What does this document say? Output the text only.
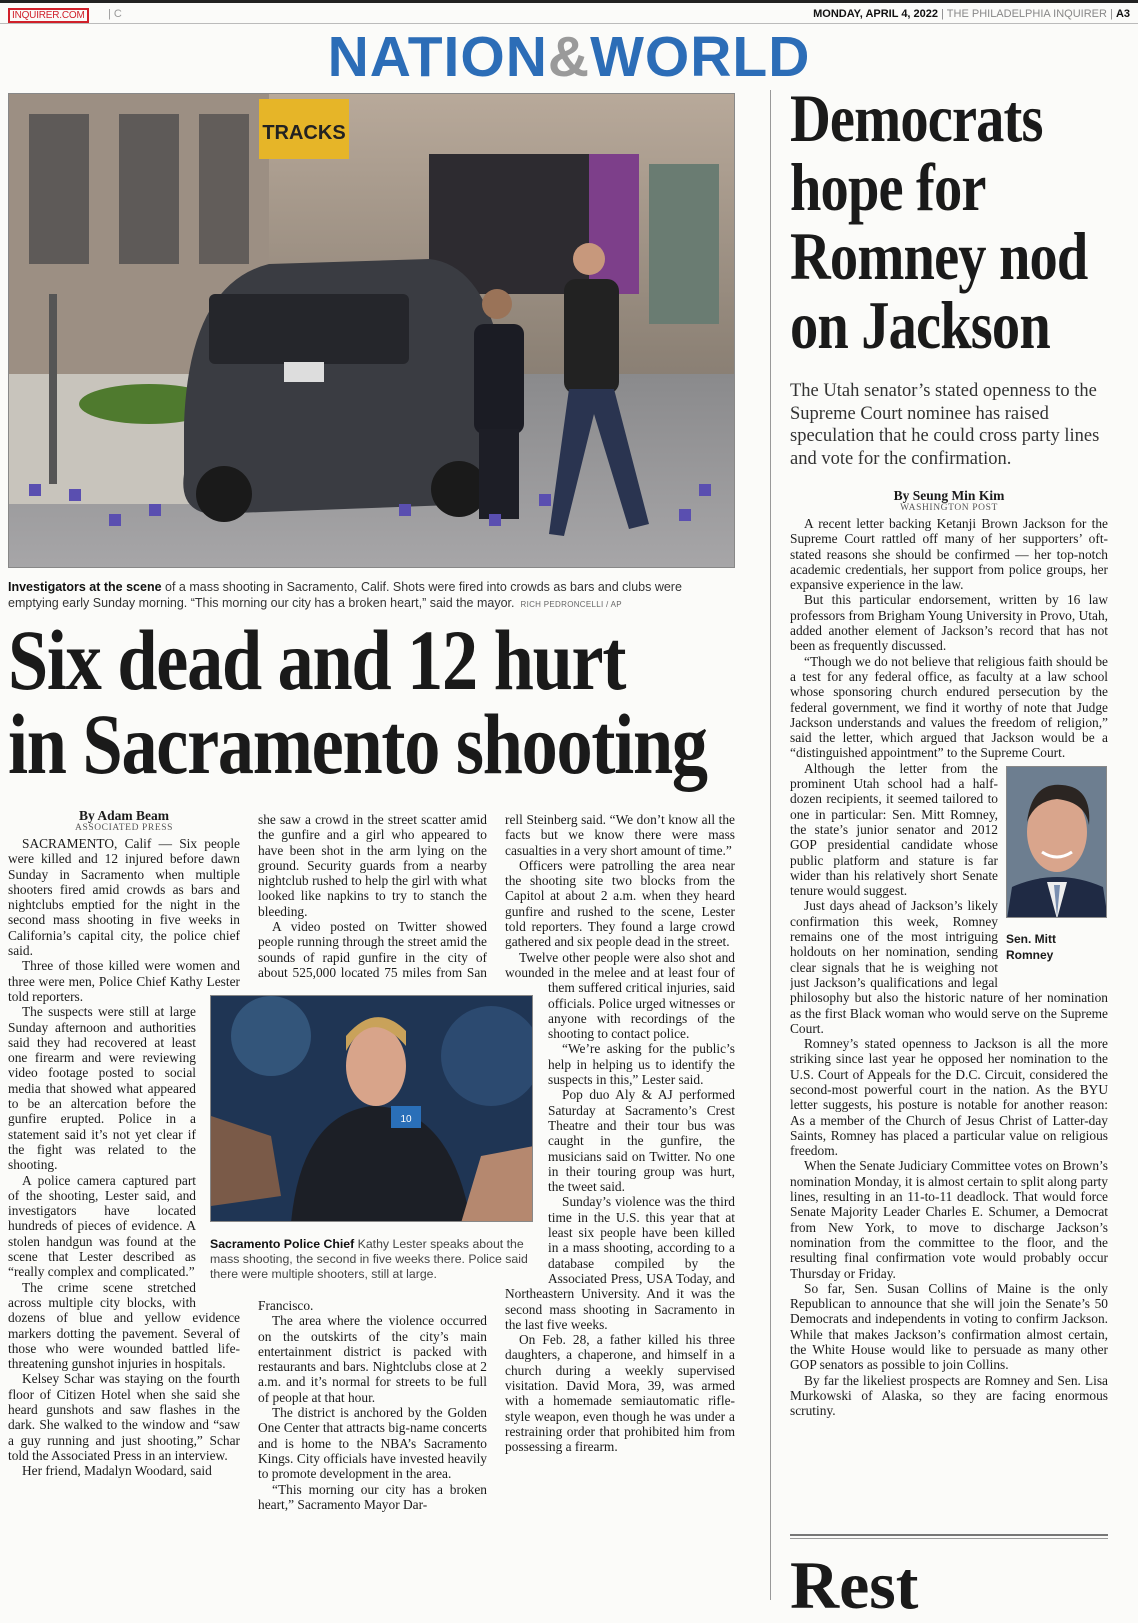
INQUIRER.COM	| C	MONDAY, APRIL 4, 2022 | THE PHILADELPHIA INQUIRER | A3
NATION&WORLD
TRACKS
Investigators at the scene of a mass shooting in Sacramento, Calif. Shots were fired into crowds as bars and clubs were emptying early Sunday morning. “This morning our city has a broken heart,” said the mayor. RICH PEDRONCELLI / AP
Six dead and 12 hurt
in Sacramento shooting
By Adam Beam
ASSOCIATED PRESS

SACRAMENTO, Calif — Six people were killed and 12 injured before dawn Sunday in Sacramento when multiple shooters fired amid crowds as bars and nightclubs emptied for the night in the second mass shooting in five weeks in California’s capital city, the police chief said.

Three of those killed were women and three were men, Police Chief Kathy Lester told reporters.

The suspects were still at large Sunday afternoon and authorities said they had recovered at least one firearm and were reviewing video footage posted to social media that showed what appeared to be an altercation before the gunfire erupted. Police in a statement said it’s not yet clear if the fight was related to the shooting.

A police camera captured part of the shooting, Lester said, and investigators have located hundreds of pieces of evidence. A stolen handgun was found at the scene that Lester described as “really complex and complicated.”

The crime scene stretched across multiple city blocks, with dozens of blue and yellow evidence markers dotting the pavement. Several of those who were wounded battled life-threatening gunshot injuries in hospitals.

Kelsey Schar was staying on the fourth floor of Citizen Hotel when she said she heard gunshots and saw flashes in the dark. She walked to the window and “saw a guy running and just shooting,” Schar told the Associated Press in an interview.

Her friend, Madalyn Woodard, said

she saw a crowd in the street scatter amid the gunfire and a girl who appeared to have been shot in the arm lying on the ground. Security guards from a nearby nightclub rushed to help the girl with what looked like napkins to try to stanch the bleeding.

A video posted on Twitter showed people running through the street amid the sounds of rapid gunfire in the city of about 525,000 located 75 miles from San Francisco.

The area where the violence occurred on the outskirts of the city’s main entertainment district is packed with restaurants and bars. Nightclubs close at 2 a.m. and it’s normal for streets to be full of people at that hour.

The district is anchored by the Golden One Center that attracts big-name concerts and is home to the NBA’s Sacramento Kings. City officials have invested heavily to promote development in the area.

“This morning our city has a broken heart,” Sacramento Mayor Dar-

rell Steinberg said. “We don’t know all the facts but we know there were mass casualties in a very short amount of time.”

Officers were patrolling the area near the shooting site two blocks from the Capitol at about 2 a.m. when they heard gunfire and rushed to the scene, Lester told reporters. They found a large crowd gathered and six people dead in the street.

Twelve other people were also shot and wounded in the melee and at least four of them suffered critical injuries, said officials. Police urged witnesses or anyone with recordings of the shooting to contact police.

“We’re asking for the public’s help in helping us to identify the suspects in this,” Lester said.

Pop duo Aly & AJ performed Saturday at Sacramento’s Crest Theatre and their tour bus was caught in the gunfire, the musicians said on Twitter. No one in their touring group was hurt, the tweet said.

Sunday’s violence was the third time in the U.S. this year that at least six people have been killed in a mass shooting, according to a database compiled by the Associated Press, USA Today, and Northeastern University. And it was the second mass shooting in Sacramento in the last five weeks.

On Feb. 28, a father killed his three daughters, a chaperone, and himself in a church during a weekly supervised visitation. David Mora, 39, was armed with a homemade semiautomatic rifle-style weapon, even though he was under a restraining order that prohibited him from possessing a firearm.

10
Sacramento Police Chief Kathy Lester speaks about the mass shooting, the second in five weeks there. Police said there were multiple shooters, still at large.
Democrats
hope for
Romney nod
on Jackson
The Utah senator’s stated openness to the Supreme Court nominee has raised speculation that he could cross party lines and vote for the confirmation.
By Seung Min Kim
WASHINGTON POST

A recent letter backing Ketanji Brown Jackson for the Supreme Court rattled off many of her supporters’ oft-stated reasons she should be confirmed — her top-notch academic credentials, her support from police groups, her expansive experience in the law.

But this particular endorsement, written by 16 law professors from Brigham Young University in Provo, Utah, added another element of Jackson’s record that has not been as frequently discussed.

“Though we do not believe that religious faith should be a test for any federal office, as faculty at a law school whose sponsoring church endured persecution by the federal government, we find it worthy of note that Judge Jackson understands and values the freedom of religion,” said the letter, which argued that Jackson would be a “distinguished appointment” to the Supreme Court.

Although the letter from the prominent Utah school had a half-dozen recipients, it seemed tailored to one in particular: Sen. Mitt Romney, the state’s junior senator and 2012 GOP presidential candidate whose public platform and stature is far wider than his relatively short Senate tenure would suggest.

Just days ahead of Jackson’s likely confirmation this week, Romney remains one of the most intriguing holdouts on her nomination, sending clear signals that he is weighing not just Jackson’s qualifications and legal philosophy but also the historic nature of her nomination as the first Black woman who would serve on the Supreme Court.

Romney’s stated openness to Jackson is all the more striking since last year he opposed her nomination to the U.S. Court of Appeals for the D.C. Circuit, considered the second-most powerful court in the nation. As the BYU letter suggests, his posture is notable for another reason: As a member of the Church of Jesus Christ of Latter-day Saints, Romney has placed a particular value on religious freedom.

When the Senate Judiciary Committee votes on Brown’s nomination Monday, it is almost certain to split along party lines, resulting in an 11-to-11 deadlock. That would force Senate Majority Leader Charles E. Schumer, a Democrat from New York, to move to discharge Jackson’s nomination from the committee to the floor, and the resulting final confirmation vote would probably occur Thursday or Friday.

So far, Sen. Susan Collins of Maine is the only Republican to announce that she will join the Senate’s 50 Democrats and independents in voting to confirm Jackson. While that makes Jackson’s confirmation almost certain, the White House would like to persuade as many other GOP senators as possible to join Collins.

By far the likeliest prospects are Romney and Sen. Lisa Murkowski of Alaska, so they are facing enormous scrutiny.

Sen. Mitt Romney
Rest
